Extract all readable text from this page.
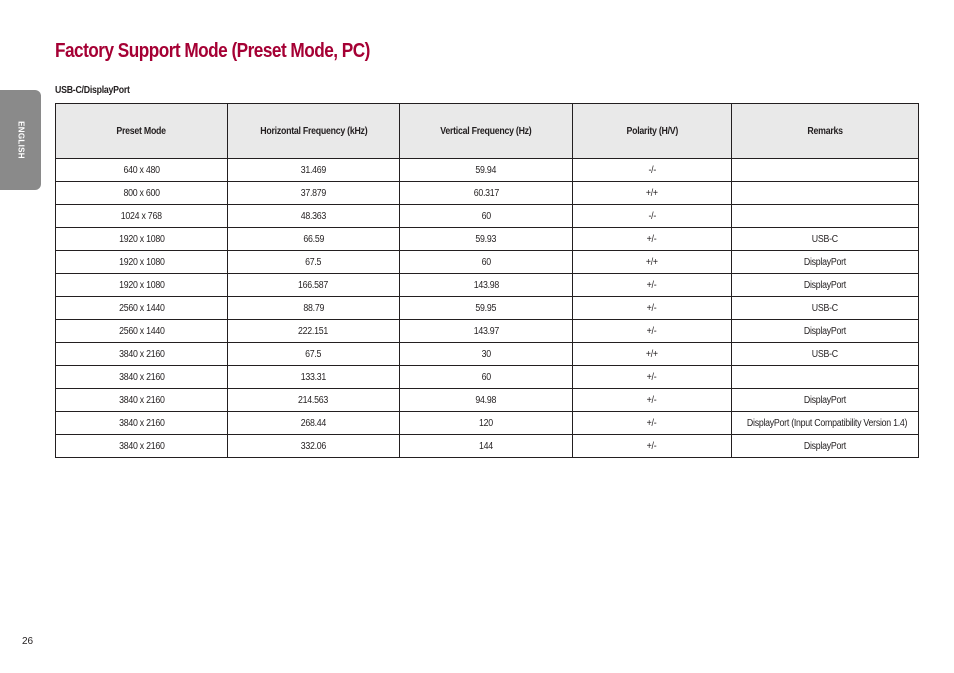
ENGLISH
Factory Support Mode (Preset Mode, PC)
USB-C/DisplayPort
Preset Mode	Horizontal Frequency (kHz)	Vertical Frequency (Hz)	Polarity (H/V)	Remarks
640 x 480	31.469	59.94	-/-	
800 x 600	37.879	60.317	+/+	
1024 x 768	48.363	60	-/-	
1920 x 1080	66.59	59.93	+/-	USB-C
1920 x 1080	67.5	60	+/+	DisplayPort
1920 x 1080	166.587	143.98	+/-	DisplayPort
2560 x 1440	88.79	59.95	+/-	USB-C
2560 x 1440	222.151	143.97	+/-	DisplayPort
3840 x 2160	67.5	30	+/+	USB-C
3840 x 2160	133.31	60	+/-	
3840 x 2160	214.563	94.98	+/-	DisplayPort
3840 x 2160	268.44	120	+/-	DisplayPort (Input Compatibility Version 1.4)
3840 x 2160	332.06	144	+/-	DisplayPort
26
